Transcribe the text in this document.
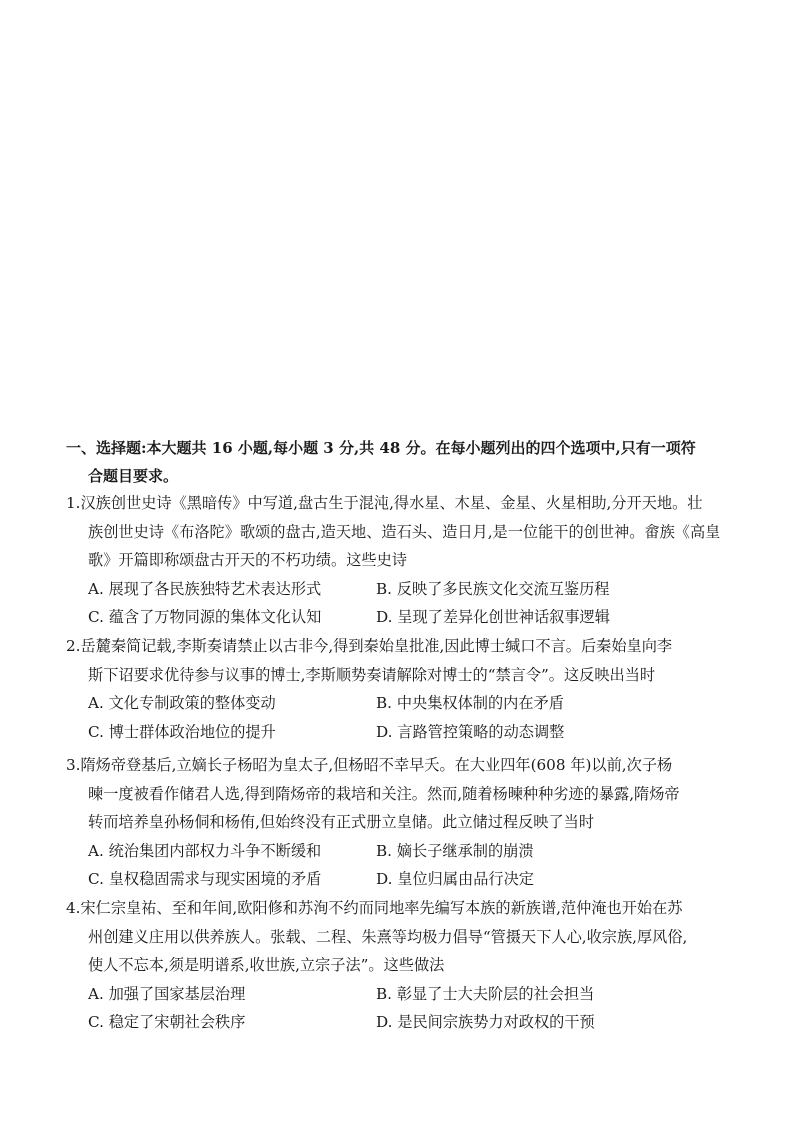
一、选择题:本大题共 16 小题,每小题 3 分,共 48 分。在每小题列出的四个选项中,只有一项符
合题目要求。
1.汉族创世史诗《黑暗传》中写道,盘古生于混沌,得水星、木星、金星、火星相助,分开天地。壮
族创世史诗《布洛陀》歌颂的盘古,造天地、造石头、造日月,是一位能干的创世神。畲族《高皇
歌》开篇即称颂盘古开天的不朽功绩。这些史诗
A. 展现了各民族独特艺术表达形式	B. 反映了多民族文化交流互鉴历程
C. 蕴含了万物同源的集体文化认知	D. 呈现了差异化创世神话叙事逻辑
2.岳麓秦简记载,李斯奏请禁止以古非今,得到秦始皇批准,因此博士缄口不言。后秦始皇向李
斯下诏要求优待参与议事的博士,李斯顺势奏请解除对博士的“禁言令”。这反映出当时
A. 文化专制政策的整体变动	B. 中央集权体制的内在矛盾
C. 博士群体政治地位的提升	D. 言路管控策略的动态调整
3.隋炀帝登基后,立嫡长子杨昭为皇太子,但杨昭不幸早夭。在大业四年(608 年)以前,次子杨
暕一度被看作储君人选,得到隋炀帝的栽培和关注。然而,随着杨暕种种劣迹的暴露,隋炀帝
转而培养皇孙杨侗和杨侑,但始终没有正式册立皇储。此立储过程反映了当时
A. 统治集团内部权力斗争不断缓和	B. 嫡长子继承制的崩溃
C. 皇权稳固需求与现实困境的矛盾	D. 皇位归属由品行决定
4.宋仁宗皇祐、至和年间,欧阳修和苏洵不约而同地率先编写本族的新族谱,范仲淹也开始在苏
州创建义庄用以供养族人。张载、二程、朱熹等均极力倡导“管摄天下人心,收宗族,厚风俗,
使人不忘本,须是明谱系,收世族,立宗子法”。这些做法
A. 加强了国家基层治理	B. 彰显了士大夫阶层的社会担当
C. 稳定了宋朝社会秩序	D. 是民间宗族势力对政权的干预
